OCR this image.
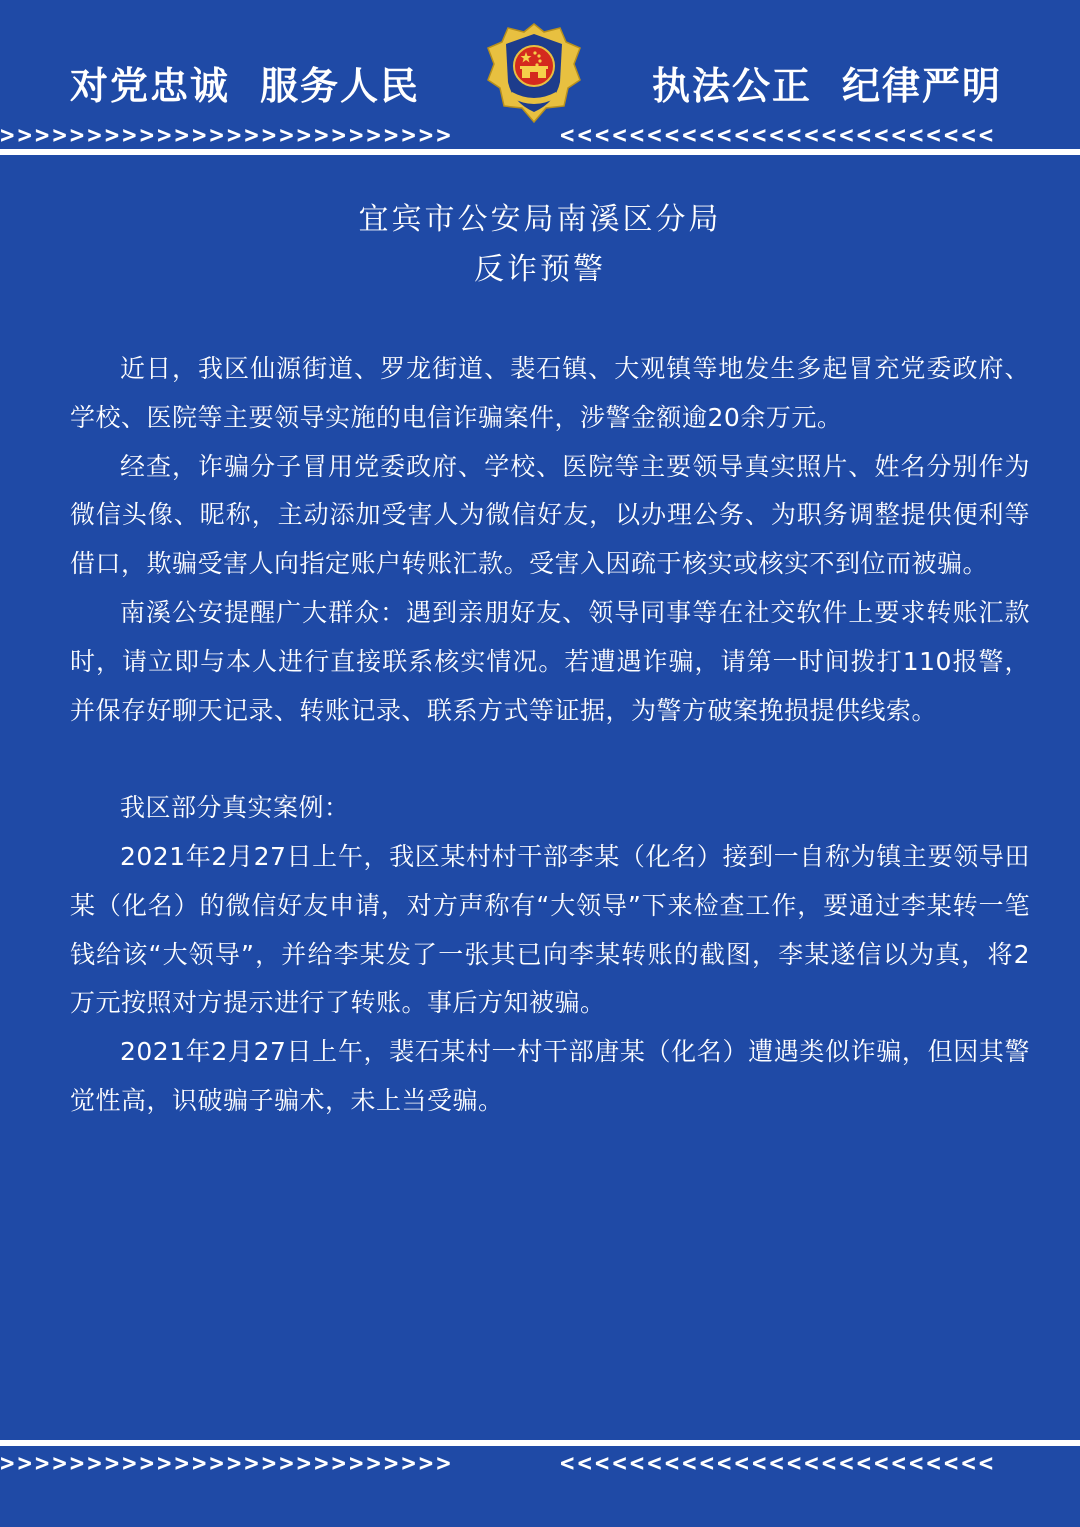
对党忠诚 服务人民	执法公正 纪律严明
>>>>>>>>>>>>>>>>>>>>>>>>>>	<<<<<<<<<<<<<<<<<<<<<<<<<
宜宾市公安局南溪区分局
反诈预警

近日，我区仙源街道、罗龙街道、裴石镇、大观镇等地发生多起冒充党委政府、学校、医院等主要领导实施的电信诈骗案件，涉警金额逾20余万元。

经查，诈骗分子冒用党委政府、学校、医院等主要领导真实照片、姓名分别作为微信头像、昵称，主动添加受害人为微信好友，以办理公务、为职务调整提供便利等借口，欺骗受害人向指定账户转账汇款。受害入因疏于核实或核实不到位而被骗。

南溪公安提醒广大群众：遇到亲朋好友、领导同事等在社交软件上要求转账汇款时，请立即与本人进行直接联系核实情况。若遭遇诈骗，请第一时间拨打110报警，并保存好聊天记录、转账记录、联系方式等证据，为警方破案挽损提供线索。

我区部分真实案例：

2021年2月27日上午，我区某村村干部李某（化名）接到一自称为镇主要领导田某（化名）的微信好友申请，对方声称有“大领导”下来检查工作，要通过李某转一笔钱给该“大领导”，并给李某发了一张其已向李某转账的截图，李某遂信以为真，将2万元按照对方提示进行了转账。事后方知被骗。

2021年2月27日上午，裴石某村一村干部唐某（化名）遭遇类似诈骗，但因其警觉性高，识破骗子骗术，未上当受骗。

>>>>>>>>>>>>>>>>>>>>>>>>>>	<<<<<<<<<<<<<<<<<<<<<<<<<
